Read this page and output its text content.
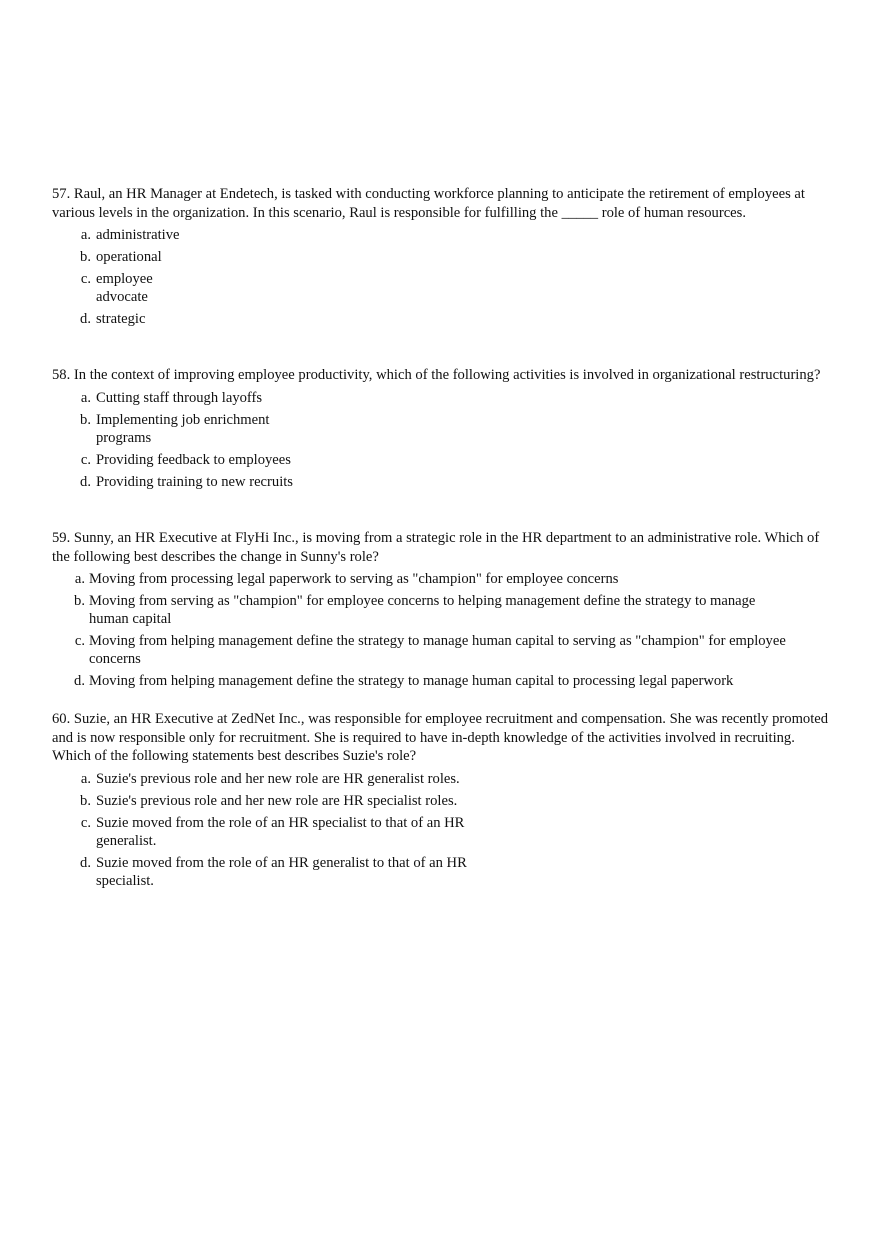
57. Raul, an HR Manager at Endetech, is tasked with conducting workforce planning to anticipate the retirement of employees at various levels in the organization. In this scenario, Raul is responsible for fulfilling the _____ role of human resources.

a. administrative
b. operational
c. employee advocate
d. strategic

58. In the context of improving employee productivity, which of the following activities is involved in organizational restructuring?

a. Cutting staff through layoffs
b. Implementing job enrichment programs
c. Providing feedback to employees
d. Providing training to new recruits

59. Sunny, an HR Executive at FlyHi Inc., is moving from a strategic role in the HR department to an administrative role. Which of the following best describes the change in Sunny's role?

a. Moving from processing legal paperwork to serving as "champion" for employee concerns
b. Moving from serving as "champion" for employee concerns to helping management define the strategy to manage human capital
c. Moving from helping management define the strategy to manage human capital to serving as "champion" for employee concerns
d. Moving from helping management define the strategy to manage human capital to processing legal paperwork

60. Suzie, an HR Executive at ZedNet Inc., was responsible for employee recruitment and compensation. She was recently promoted and is now responsible only for recruitment. She is required to have in-depth knowledge of the activities involved in recruiting. Which of the following statements best describes Suzie's role?

a. Suzie's previous role and her new role are HR generalist roles.
b. Suzie's previous role and her new role are HR specialist roles.
c. Suzie moved from the role of an HR specialist to that of an HR generalist.
d. Suzie moved from the role of an HR generalist to that of an HR specialist.
